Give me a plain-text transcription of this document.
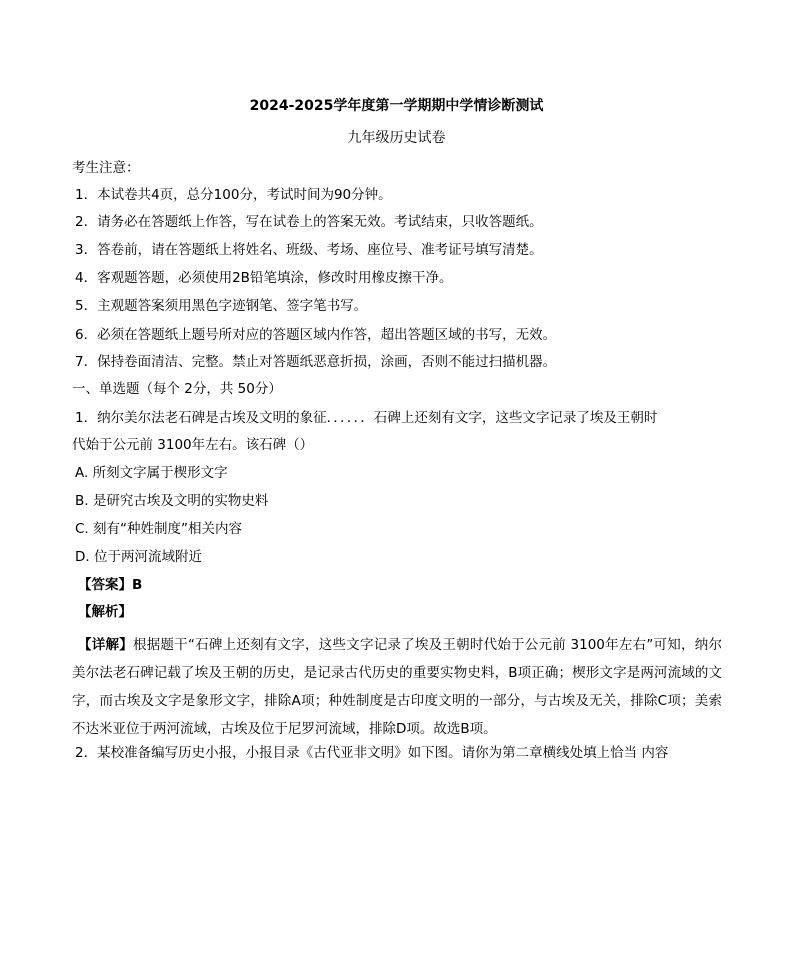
2024-2025学年度第一学期期中学情诊断测试
九年级历史试卷
考生注意：
1．本试卷共4页，总分100分，考试时间为90分钟。
2．请务必在答题纸上作答，写在试卷上的答案无效。考试结束，只收答题纸。
3．答卷前，请在答题纸上将姓名、班级、考场、座位号、准考证号填写清楚。
4．客观题答题，必须使用2B铅笔填涂，修改时用橡皮擦干净。
5．主观题答案须用黑色字迹钢笔、签字笔书写。
6．必须在答题纸上题号所对应的答题区域内作答，超出答题区域的书写，无效。
7．保持卷面清洁、完整。禁止对答题纸恶意折损，涂画，否则不能过扫描机器。
一、单选题（每个 2分，共 50分）
1．纳尔美尔法老石碑是古埃及文明的象征．．．．．．石碑上还刻有文字，这些文字记录了埃及王朝时
代始于公元前 3100年左右。该石碑（）
A. 所刻文字属于楔形文字
B. 是研究古埃及文明的实物史料
C. 刻有“种姓制度”相关内容
D. 位于两河流域附近
【答案】B
【解析】
【详解】根据题干“石碑上还刻有文字，这些文字记录了埃及王朝时代始于公元前 3100年左右”可知，纳尔美尔法老石碑记载了埃及王朝的历史，是记录古代历史的重要实物史料，B项正确；楔形文字是两河流域的文字，而古埃及文字是象形文字，排除A项；种姓制度是古印度文明的一部分，与古埃及无关，排除C项；美索不达米亚位于两河流域，古埃及位于尼罗河流域，排除D项。故选B项。
2．某校准备编写历史小报，小报目录《古代亚非文明》如下图。请你为第二章横线处填上恰当 内容
